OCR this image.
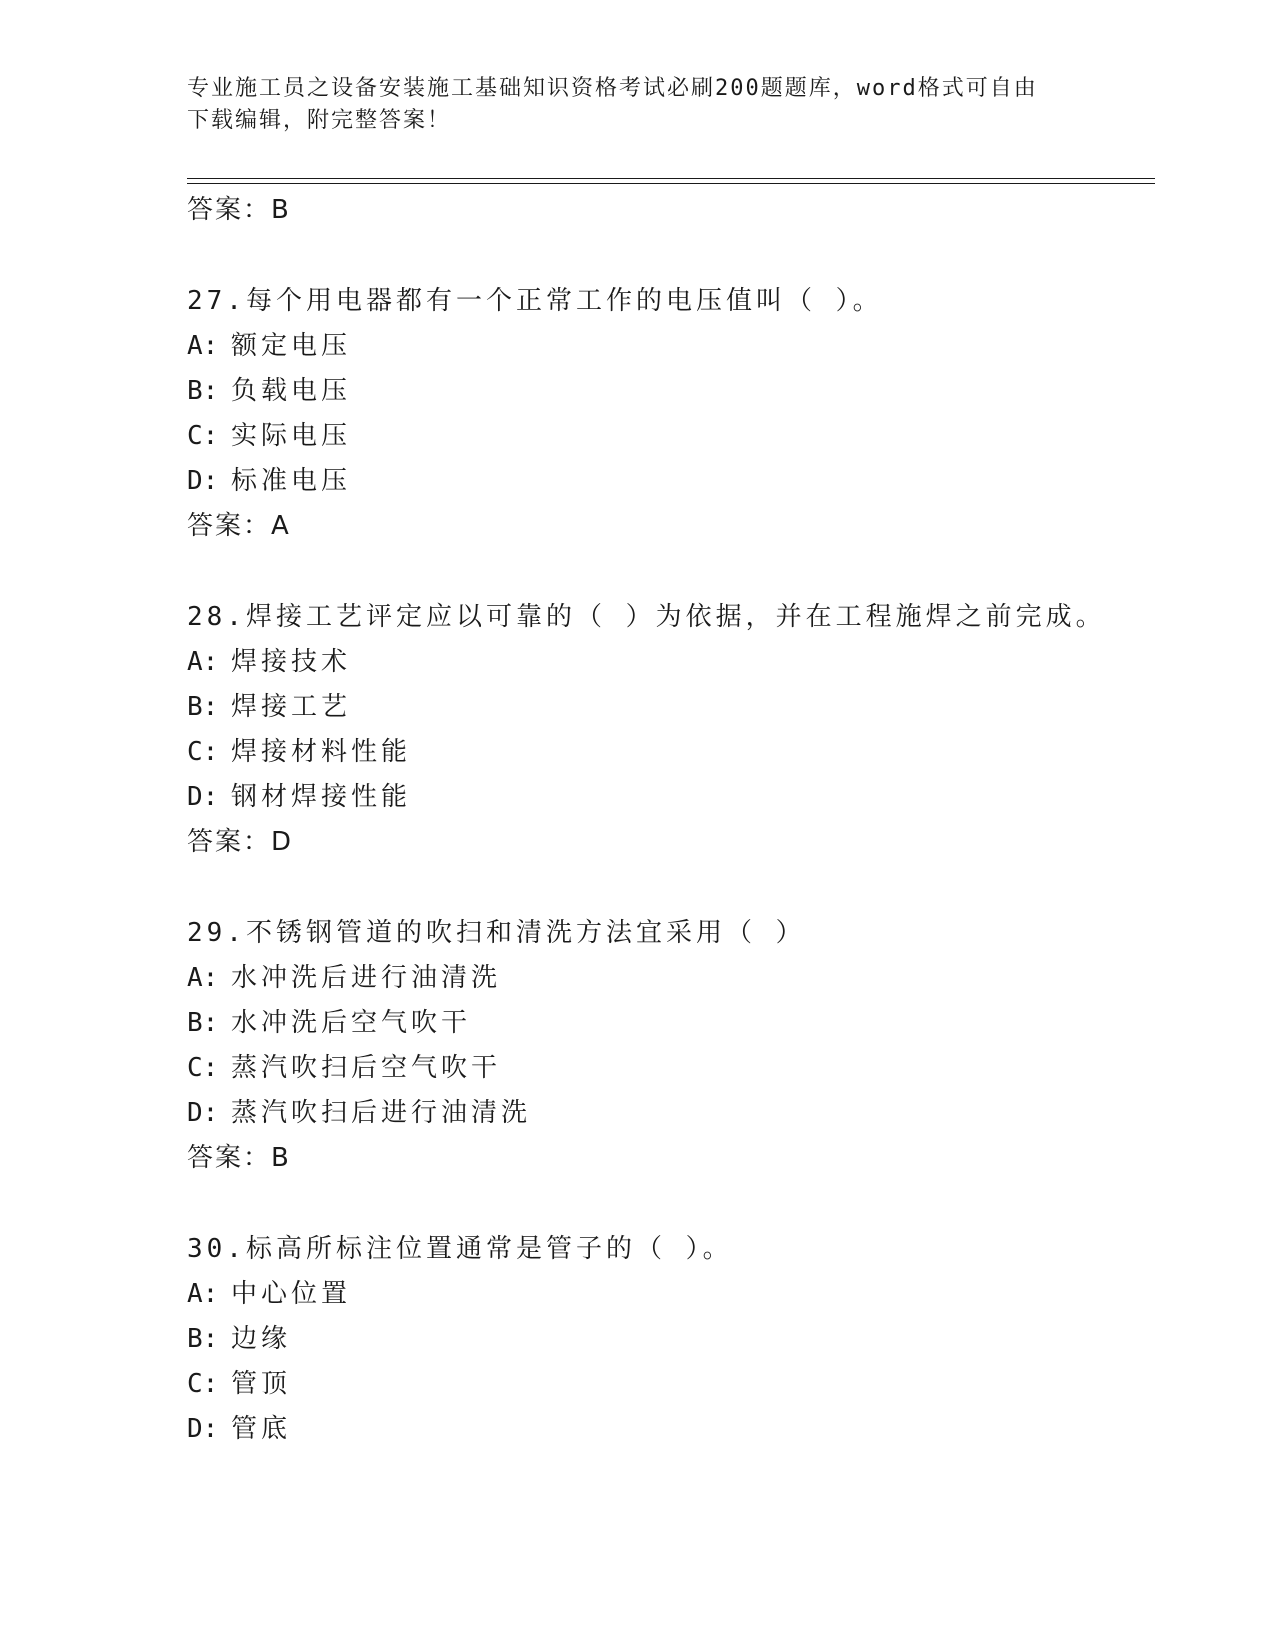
专业施工员之设备安装施工基础知识资格考试必刷200题题库，word格式可自由
下载编辑，附完整答案！
答案：B
27.每个用电器都有一个正常工作的电压值叫（ ）。
A: 额定电压
B: 负载电压
C: 实际电压
D: 标准电压
答案：A
28.焊接工艺评定应以可靠的（ ）为依据，并在工程施焊之前完成。
A: 焊接技术
B: 焊接工艺
C: 焊接材料性能
D: 钢材焊接性能
答案：D
29.不锈钢管道的吹扫和清洗方法宜采用（ ）
A: 水冲洗后进行油清洗
B: 水冲洗后空气吹干
C: 蒸汽吹扫后空气吹干
D: 蒸汽吹扫后进行油清洗
答案：B
30.标高所标注位置通常是管子的（ ）。
A: 中心位置
B: 边缘
C: 管顶
D: 管底
